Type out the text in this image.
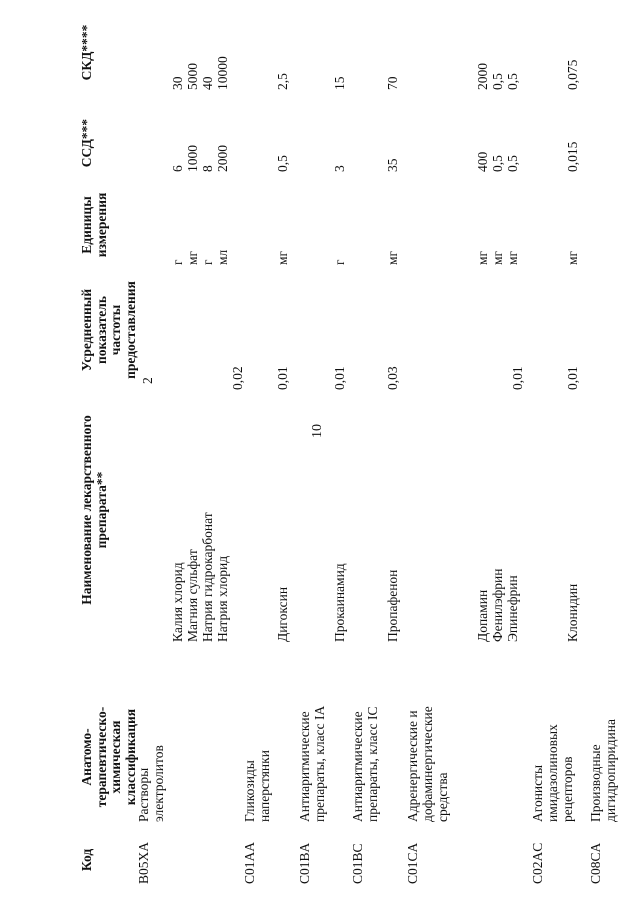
10
Код
Анатомо-терапевтическо-химическая классификация
Наименование лекарственного препарата**
Усредненный показатель частоты предоставления
2
Единицы измерения
ССД***
СКД****
B05XA
Растворы электролитов
Калия хлорид Магния сульфат Натрия гидрокарбонат Натрия хлорид
0,02
г мг г мл
6 1000 8 2000
30 5000 40 10000
C01AA
Гликозиды наперстянки
Дигоксин
0,01
мг
0,5
2,5
C01BA
Антиаритмические препараты, класс IA
Прокаинамид
0,01
г
3
15
C01BC
Антиаритмические препараты, класс IC
Пропафенон
0,03
мг
35
70
C01CA
Адренергические и дофаминергические средства
Допамин Фенилэфрин Эпинефрин
0,01
мг мг мг
400 0,5 0,5
2000 0,5 0,5
C02AC
Агонисты имидазолиновых рецепторов
Клонидин
0,01
мг
0,015
0,075
C08CA
Производные дигидропиридина
